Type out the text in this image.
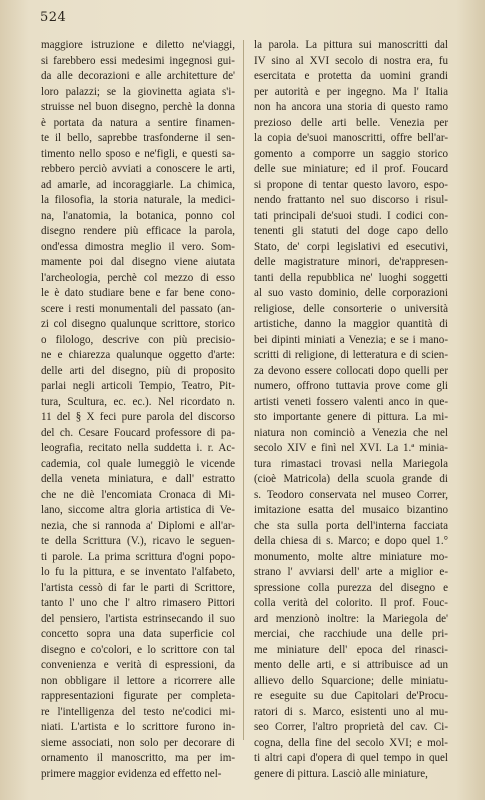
524
maggiore istruzione e diletto ne'viaggi,
si farebbero essi medesimi ingegnosi gui-
da alle decorazioni e alle architetture de'
loro palazzi; se la giovinetta agiata s'i-
struisse nel buon disegno, perchè la donna
è portata da natura a sentire finamen-
te il bello, saprebbe trasfonderne il sen-
timento nello sposo e ne'figli, e questi sa-
rebbero perciò avviati a conoscere le arti,
ad amarle, ad incoraggiarle. La chimica,
la filosofia, la storia naturale, la medici-
na, l'anatomia, la botanica, ponno col
disegno rendere più efficace la parola,
ond'essa dimostra meglio il vero. Som-
mamente poi dal disegno viene aiutata
l'archeologia, perchè col mezzo di esso
le è dato studiare bene e far bene cono-
scere i resti monumentali del passato (an-
zi col disegno qualunque scrittore, storico
o filologo, descrive con più precisio-
ne e chiarezza qualunque oggetto d'arte:
delle arti del disegno, più di proposito
parlai negli articoli Tempio, Teatro, Pit-
tura, Scultura, ec. ec.). Nel ricordato n.
11 del § X feci pure parola del discorso
del ch. Cesare Foucard professore di pa-
leografia, recitato nella suddetta i. r. Ac-
cademia, col quale lumeggiò le vicende
della veneta miniatura, e dall' estratto
che ne diè l'encomiata Cronaca di Mi-
lano, siccome altra gloria artistica di Ve-
nezia, che si rannoda a' Diplomi e all'ar-
te della Scrittura (V.), ricavo le seguen-
ti parole. La prima scrittura d'ogni popo-
lo fu la pittura, e se inventato l'alfabeto,
l'artista cessò di far le parti di Scrittore,
tanto l' uno che l' altro rimasero Pittori
del pensiero, l'artista estrinsecando il suo
concetto sopra una data superficie col
disegno e co'colori, e lo scrittore con tal
convenienza e verità di espressioni, da
non obbligare il lettore a ricorrere alle
rappresentazioni figurate per completa-
re l'intelligenza del testo ne'codici mi-
niati. L'artista e lo scrittore furono in-
sieme associati, non solo per decorare di
ornamento il manoscritto, ma per im-
primere maggior evidenza ed effetto nel-
la parola. La pittura sui manoscritti dal
IV sino al XVI secolo di nostra era, fu
esercitata e protetta da uomini grandi
per autorità e per ingegno. Ma l' Italia
non ha ancora una storia di questo ramo
prezioso delle arti belle. Venezia per
la copia de'suoi manoscritti, offre bell'ar-
gomento a comporre un saggio storico
delle sue miniature; ed il prof. Foucard
si propone di tentar questo lavoro, espo-
nendo frattanto nel suo discorso i risul-
tati principali de'suoi studi. I codici con-
tenenti gli statuti del doge capo dello
Stato, de' corpi legislativi ed esecutivi,
delle magistrature minori, de'rappresen-
tanti della repubblica ne' luoghi soggetti
al suo vasto dominio, delle corporazioni
religiose, delle consorterie o università
artistiche, danno la maggior quantità di
bei dipinti miniati a Venezia; e se i mano-
scritti di religione, di letteratura e di scien-
za devono essere collocati dopo quelli per
numero, offrono tuttavia prove come gli
artisti veneti fossero valenti anco in que-
sto importante genere di pittura. La mi-
niatura non cominciò a Venezia che nel
secolo XIV e finì nel XVI. La 1.ª minia-
tura rimastaci trovasi nella Mariegola
(cioè Matricola) della scuola grande di
s. Teodoro conservata nel museo Correr,
imitazione esatta del musaico bizantino
che sta sulla porta dell'interna facciata
della chiesa di s. Marco; e dopo quel 1.°
monumento, molte altre miniature mo-
strano l' avviarsi dell' arte a miglior e-
spressione colla purezza del disegno e
colla verità del colorito. Il prof. Fouc-
ard menzionò inoltre: la Mariegola de'
merciai, che racchiude una delle pri-
me miniature dell' epoca del rinasci-
mento delle arti, e si attribuisce ad un
allievo dello Squarcione; delle miniatu-
re eseguite su due Capitolari de'Procu-
ratori di s. Marco, esistenti uno al mu-
seo Correr, l'altro proprietà del cav. Ci-
cogna, della fine del secolo XVI; e mol-
ti altri capi d'opera di quel tempo in quel
genere di pittura. Lasciò alle miniature,
